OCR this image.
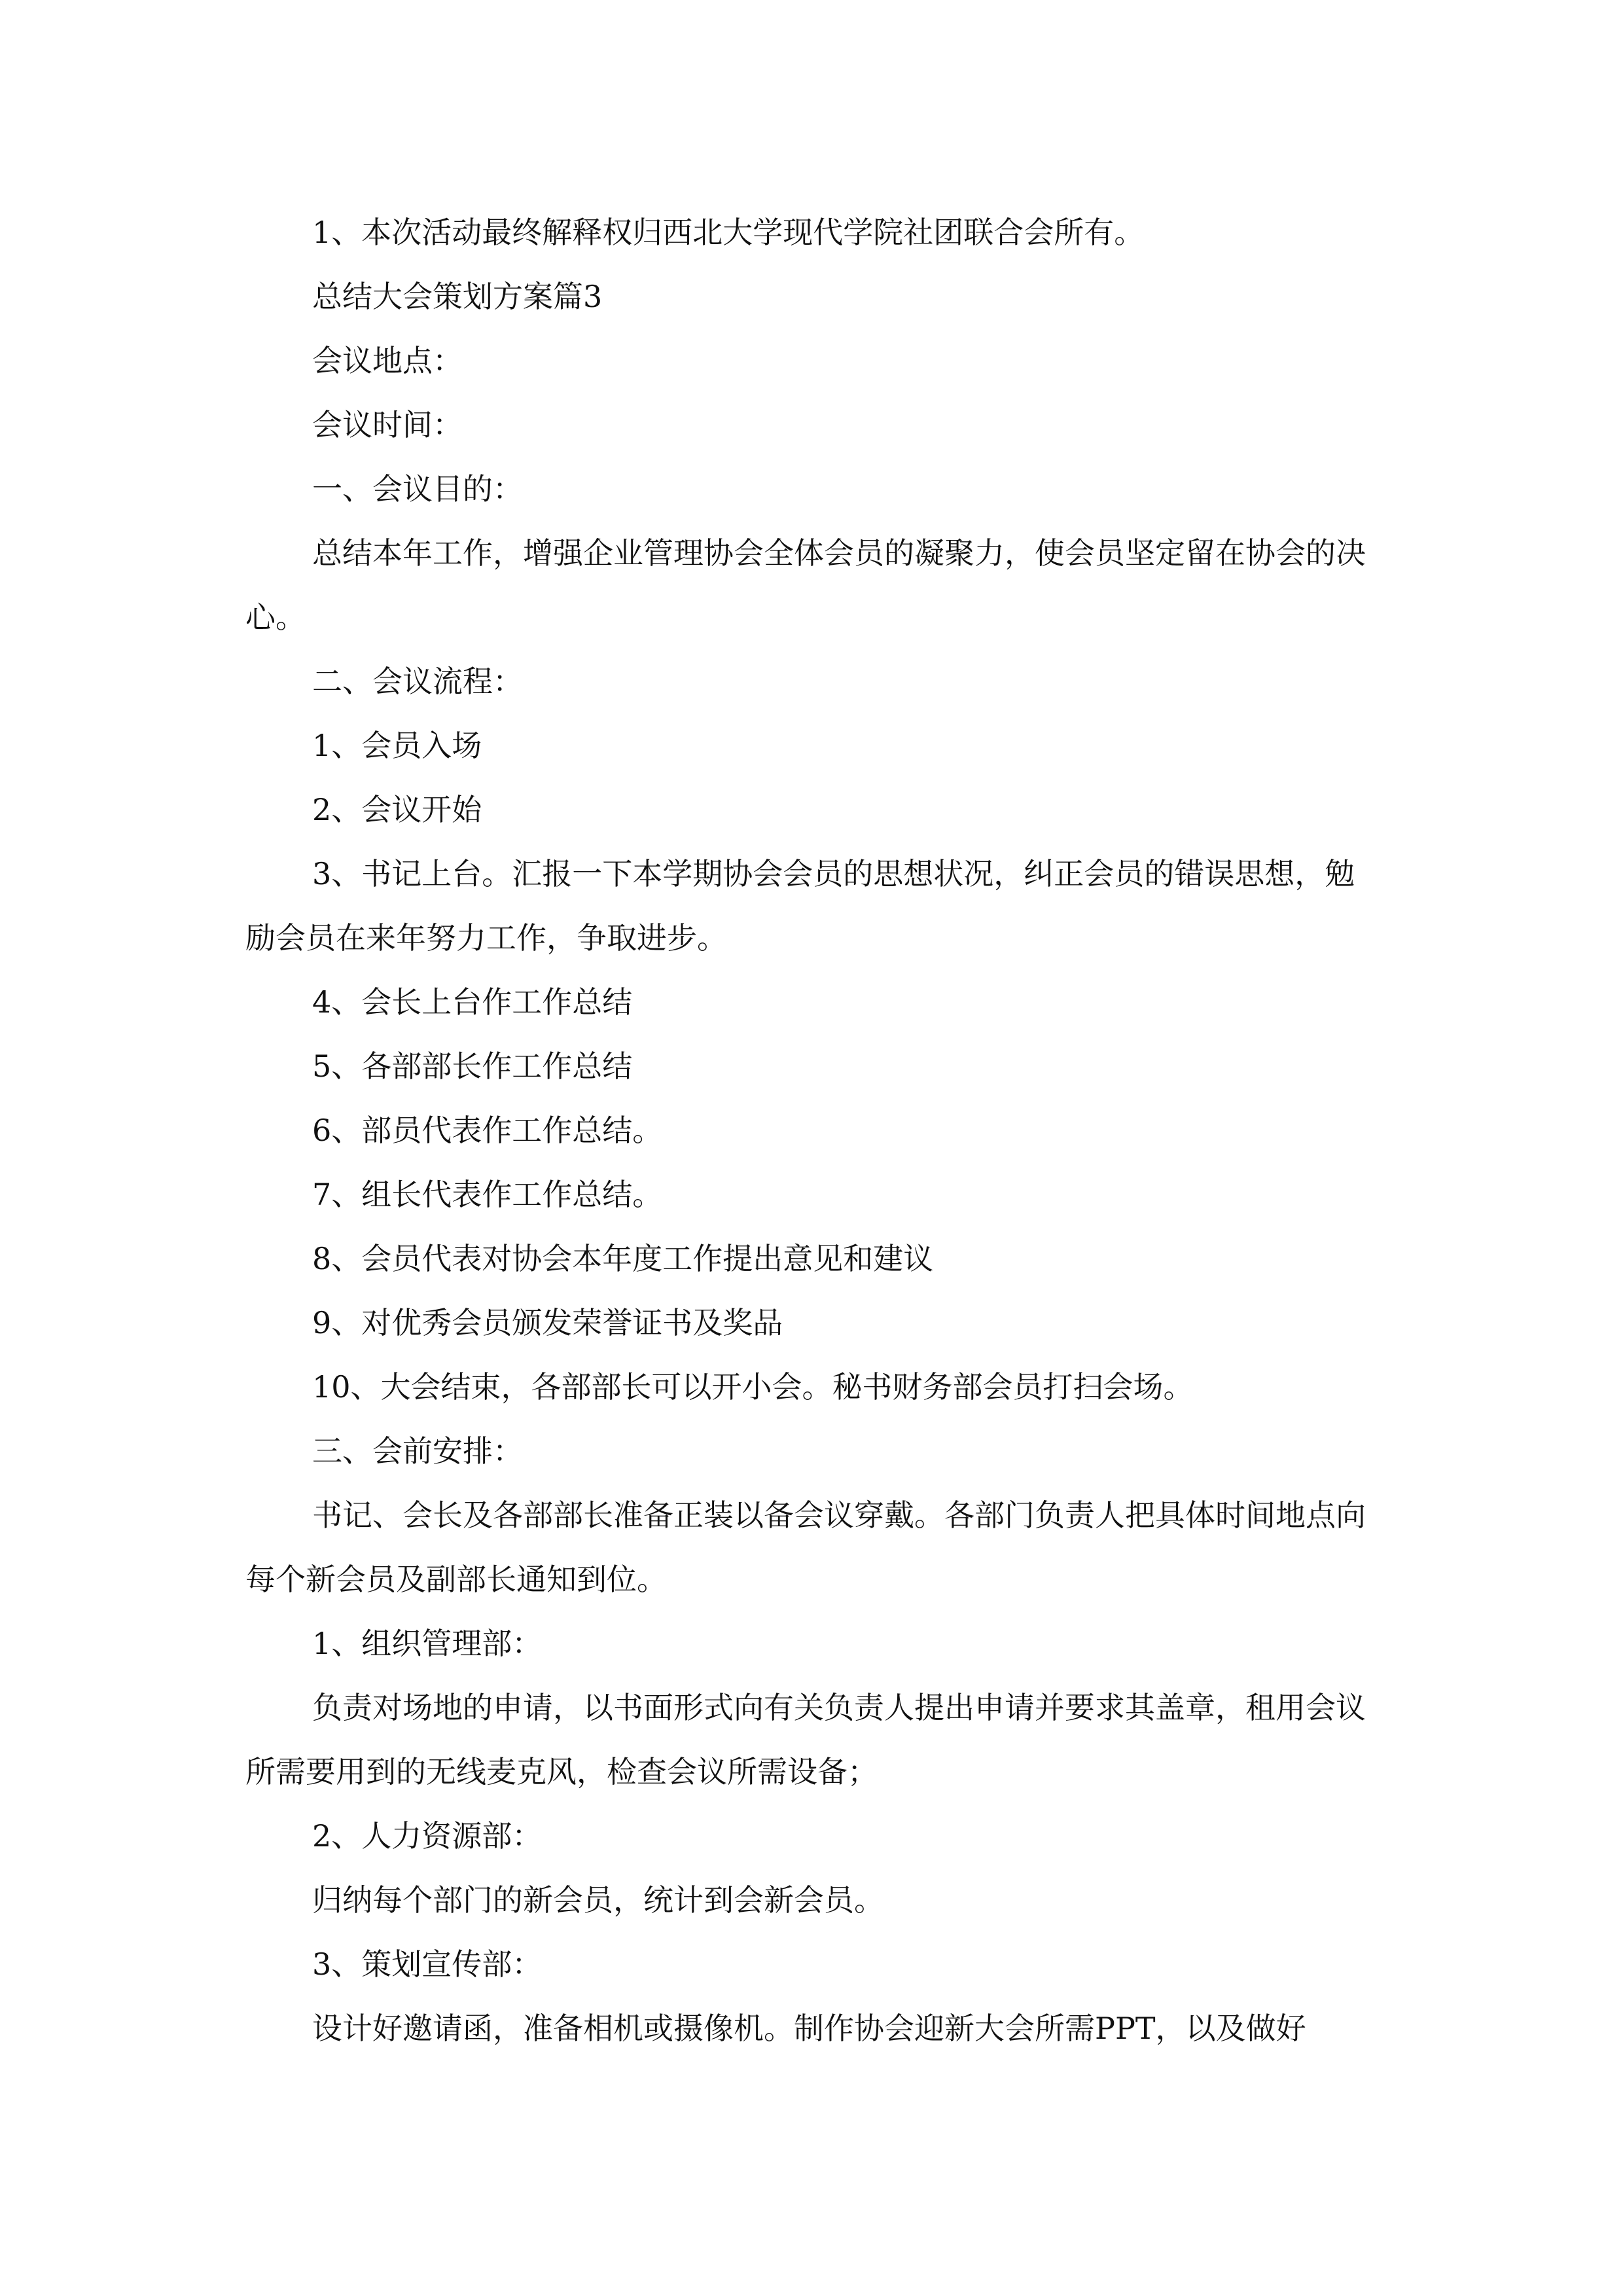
1、本次活动最终解释权归西北大学现代学院社团联合会所有。

总结大会策划方案篇3

会议地点：

会议时间：

一、会议目的：

总结本年工作，增强企业管理协会全体会员的凝聚力，使会员坚定留在协会的决心。

二、会议流程：

1、会员入场

2、会议开始

3、书记上台。汇报一下本学期协会会员的思想状况，纠正会员的错误思想，勉励会员在来年努力工作，争取进步。

4、会长上台作工作总结

5、各部部长作工作总结

6、部员代表作工作总结。

7、组长代表作工作总结。

8、会员代表对协会本年度工作提出意见和建议

9、对优秀会员颁发荣誉证书及奖品

10、大会结束，各部部长可以开小会。秘书财务部会员打扫会场。

三、会前安排：

书记、会长及各部部长准备正装以备会议穿戴。各部门负责人把具体时间地点向每个新会员及副部长通知到位。

1、组织管理部：

负责对场地的申请，以书面形式向有关负责人提出申请并要求其盖章，租用会议所需要用到的无线麦克风，检查会议所需设备；

2、人力资源部：

归纳每个部门的新会员，统计到会新会员。

3、策划宣传部：

设计好邀请函，准备相机或摄像机。制作协会迎新大会所需PPT，以及做好
